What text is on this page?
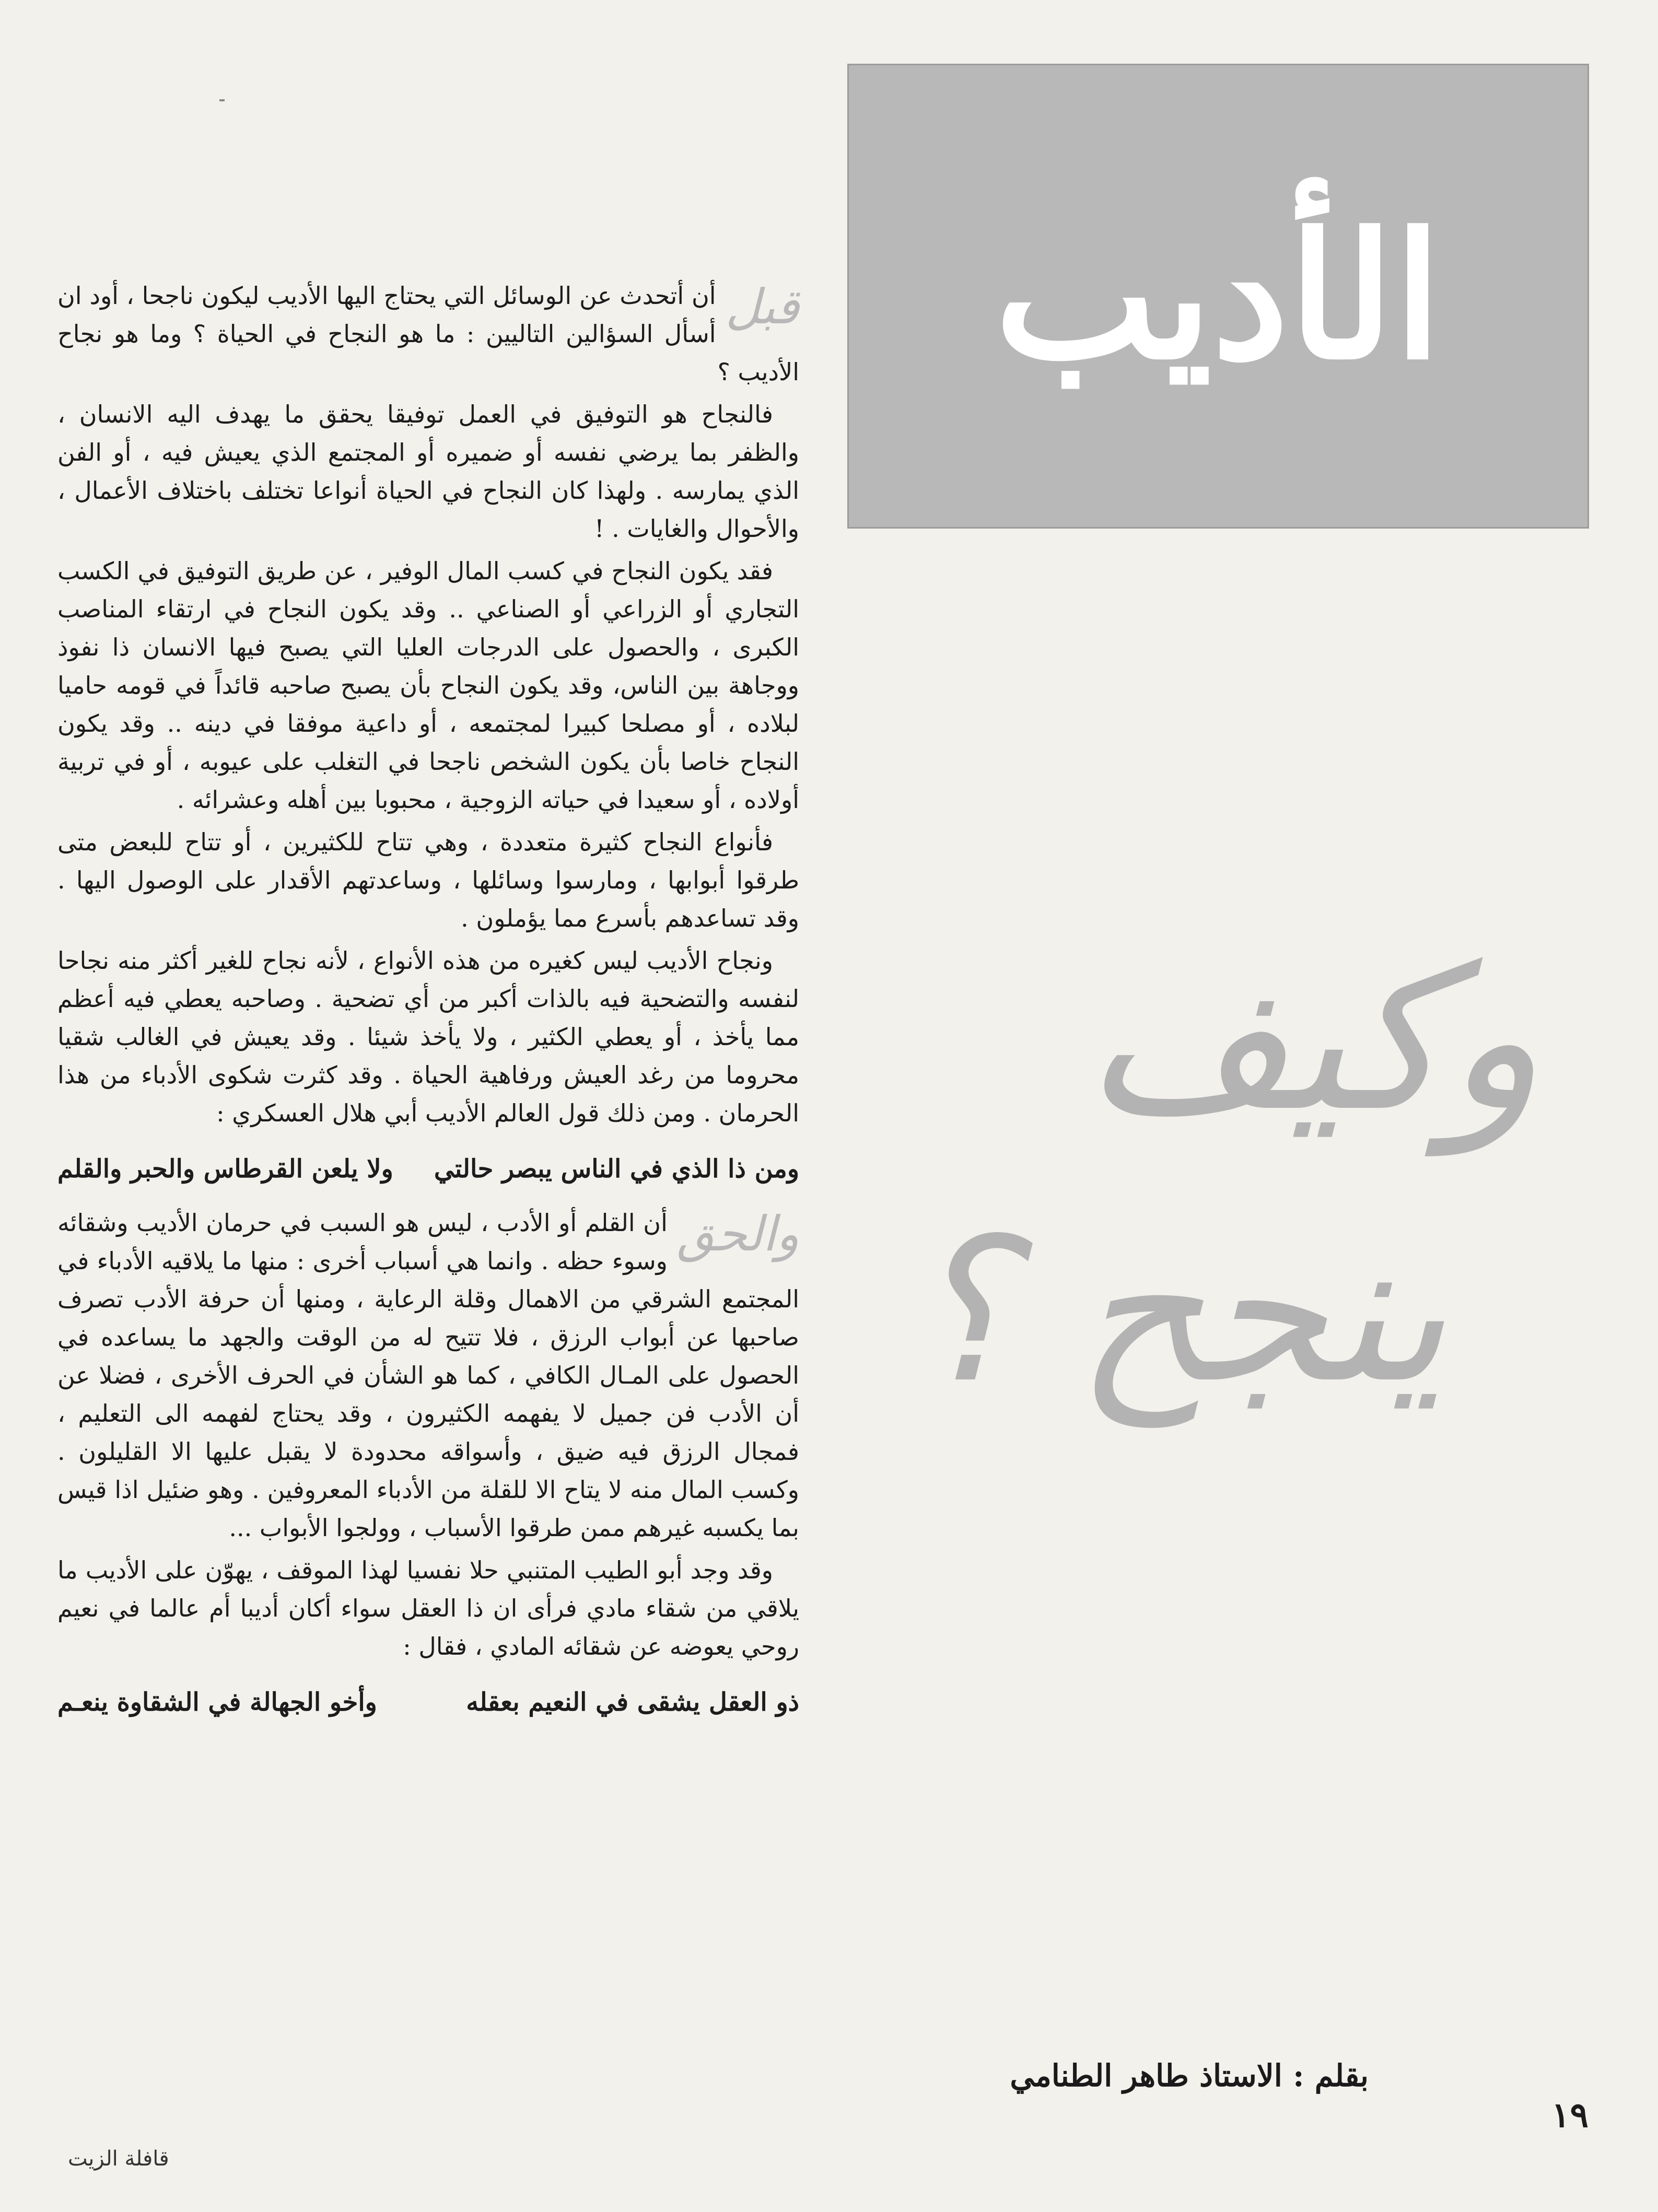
الأديب
وكيف
ينجح ؟
بقلم : الاستاذ طاهر الطنامي
١٩

قبل
أن أتحدث عن الوسائل التي يحتاج اليها الأديب ليكون ناجحا ، أود ان أسأل السؤالين التاليين : ما هو النجاح في الحياة ؟ وما هو نجاح الأديب ؟

فالنجاح هو التوفيق في العمل توفيقا يحقق ما يهدف اليه الانسان ، والظفر بما يرضي نفسه أو ضميره أو المجتمع الذي يعيش فيه ، أو الفن الذي يمارسه . ولهذا كان النجاح في الحياة أنواعا تختلف باختلاف الأعمال ، والأحوال والغايات . !

فقد يكون النجاح في كسب المال الوفير ، عن طريق التوفيق في الكسب التجاري أو الزراعي أو الصناعي .. وقد يكون النجاح في ارتقاء المناصب الكبرى ، والحصول على الدرجات العليا التي يصبح فيها الانسان ذا نفوذ ووجاهة بين الناس، وقد يكون النجاح بأن يصبح صاحبه قائداً في قومه حاميا لبلاده ، أو مصلحا كبيرا لمجتمعه ، أو داعية موفقا في دينه .. وقد يكون النجاح خاصا بأن يكون الشخص ناجحا في التغلب على عيوبه ، أو في تربية أولاده ، أو سعيدا في حياته الزوجية ، محبوبا بين أهله وعشرائه .

فأنواع النجاح كثيرة متعددة ، وهي تتاح للكثيرين ، أو تتاح للبعض متى طرقوا أبوابها ، ومارسوا وسائلها ، وساعدتهم الأقدار على الوصول اليها . وقد تساعدهم بأسرع مما يؤملون .

ونجاح الأديب ليس كغيره من هذه الأنواع ، لأنه نجاح للغير أكثر منه نجاحا لنفسه والتضحية فيه بالذات أكبر من أي تضحية . وصاحبه يعطي فيه أعظم مما يأخذ ، أو يعطي الكثير ، ولا يأخذ شيئا . وقد يعيش في الغالب شقيا محروما من رغد العيش ورفاهية الحياة . وقد كثرت شكوى الأدباء من هذا الحرمان . ومن ذلك قول العالم الأديب أبي هلال العسكري :

ومن ذا الذي في الناس يبصر حالتي
ولا يلعن القرطاس والحبر والقلم

والحق
أن القلم أو الأدب ، ليس هو السبب في حرمان الأديب وشقائه وسوء حظه . وانما هي أسباب أخرى : منها ما يلاقيه الأدباء في المجتمع الشرقي من الاهمال وقلة الرعاية ، ومنها أن حرفة الأدب تصرف صاحبها عن أبواب الرزق ، فلا تتيح له من الوقت والجهد ما يساعده في الحصول على المـال الكافي ، كما هو الشأن في الحرف الأخرى ، فضلا عن أن الأدب فن جميل لا يفهمه الكثيرون ، وقد يحتاج لفهمه الى التعليم ، فمجال الرزق فيه ضيق ، وأسواقه محدودة لا يقبل عليها الا القليلون . وكسب المال منه لا يتاح الا للقلة من الأدباء المعروفين . وهو ضئيل اذا قيس بما يكسبه غيرهم ممن طرقوا الأسباب ، وولجوا الأبواب ...

وقد وجد أبو الطيب المتنبي حلا نفسيا لهذا الموقف ، يهوّن على الأديب ما يلاقي من شقاء مادي فرأى ان ذا العقل سواء أكان أديبا أم عالما في نعيم روحي يعوضه عن شقائه المادي ، فقال :

ذو العقل يشقى في النعيم بعقله
وأخو الجهالة في الشقاوة ينعـم
قافلة الزيت
